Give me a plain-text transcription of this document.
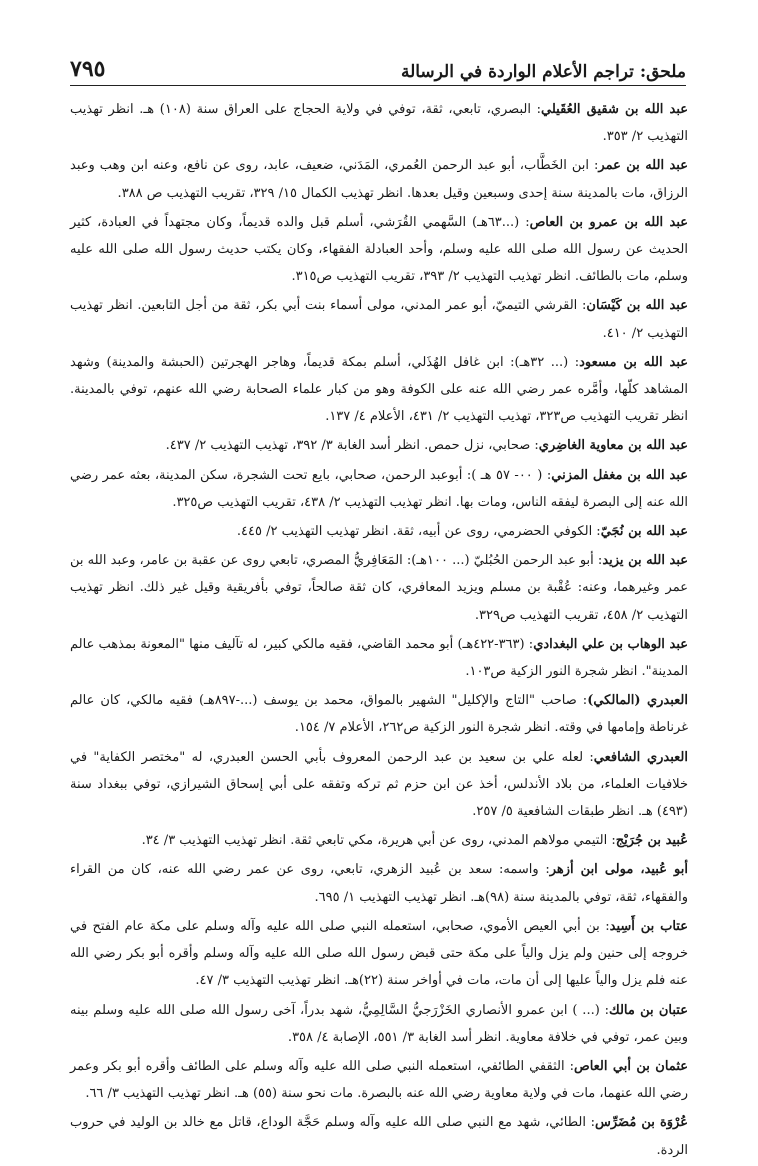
ملحق: تراجم الأعلام الواردة في الرسالة
٧٩٥

عبد الله بن شقيق العُقَيلي: البصري، تابعي، ثقة، توفي في ولاية الحجاج على العراق سنة (١٠٨) هـ. انظر تهذيب التهذيب ٢/ ٣٥٣.

عبد الله بن عمر: ابن الخَطَّاب، أبو عبد الرحمن العُمري، المَدَني، ضعيف، عابد، روى عن نافع، وعنه ابن وهب وعبد الرزاق، مات بالمدينة سنة إحدى وسبعين وقيل بعدها. انظر تهذيب الكمال ١٥/ ٣٢٩، تقريب التهذيب ص ٣٨٨.

عبد الله بن عمرو بن العاص: (...٦٣هـ) السَّهمي القُرَشي، أسلم قبل والده قديماً، وكان مجتهداً في العبادة، كثير الحديث عن رسول الله صلى الله عليه وسلم، وأحد العبادلة الفقهاء، وكان يكتب حديث رسول الله صلى الله عليه وسلم، مات بالطائف. انظر تهذيب التهذيب ٢/ ٣٩٣، تقريب التهذيب ص٣١٥.

عبد الله بن كَيْسَان: القرشي التيميّ، أبو عمر المدني، مولى أسماء بنت أبي بكر، ثقة من أجل التابعين. انظر تهذيب التهذيب ٢/ ٤١٠.

عبد الله بن مسعود: (... ٣٢هـ): ابن غافل الهُذَلي، أسلم بمكة قديماً، وهاجر الهجرتين (الحبشة والمدينة) وشهد المشاهد كلّها، وأمَّره عمر رضي الله عنه على الكوفة وهو من كبار علماء الصحابة رضي الله عنهم، توفي بالمدينة. انظر تقريب التهذيب ص٣٢٣، تهذيب التهذيب ٢/ ٤٣١، الأعلام ٤/ ١٣٧.

عبد الله بن معاوية الغاضِري: صحابي، نزل حمص. انظر أسد الغابة ٣/ ٣٩٢، تهذيب التهذيب ٢/ ٤٣٧.

عبد الله بن مغفل المزني: ( ٠٠- ٥٧ هـ ): أبوعبد الرحمن، صحابي، بايع تحت الشجرة، سكن المدينة، بعثه عمر رضي الله عنه إلى البصرة ليفقه الناس، ومات بها. انظر تهذيب التهذيب ٢/ ٤٣٨، تقريب التهذيب ص٣٢٥.

عبد الله بن نُجَيّ: الكوفي الحضرمي، روى عن أبيه، ثقة. انظر تهذيب التهذيب ٢/ ٤٤٥.

عبد الله بن يزيد: أبو عبد الرحمن الحُبُليّ (... ١٠٠هـ): المَعَافِريُّ المصري، تابعي روى عن عقبة بن عامر، وعبد الله بن عمر وغيرهما، وعنه: عُقْبة بن مسلم ويزيد المعافري، كان ثقة صالحاً، توفي بأفريقية وقيل غير ذلك. انظر تهذيب التهذيب ٢/ ٤٥٨، تقريب التهذيب ص٣٢٩.

عبد الوهاب بن علي البغدادي: (٣٦٣-٤٢٢هـ) أبو محمد القاضي، فقيه مالكي كبير، له تآليف منها "المعونة بمذهب عالم المدينة". انظر شجرة النور الزكية ص١٠٣.

العبدري (المالكي): صاحب "التاج والإكليل" الشهير بالمواق، محمد بن يوسف (...-٨٩٧هـ) فقيه مالكي، كان عالم غرناطة وإمامها في وقته. انظر شجرة النور الزكية ص٢٦٢، الأعلام ٧/ ١٥٤.

العبدري الشافعي: لعله علي بن سعيد بن عبد الرحمن المعروف بأبي الحسن العبدري، له "مختصر الكفاية" في خلافيات العلماء، من بلاد الأندلس، أخذ عن ابن حزم ثم تركه وتفقه على أبي إسحاق الشيرازي، توفي ببغداد سنة (٤٩٣) هـ. انظر طبقات الشافعية ٥/ ٢٥٧.

عُبيد بن جُرَيْج: التيمي مولاهم المدني، روى عن أبي هريرة، مكي تابعي ثقة. انظر تهذيب التهذيب ٣/ ٣٤.

أبو عُبيد، مولى ابن أزهر: واسمه: سعد بن عُبيد الزهري، تابعي، روى عن عمر رضي الله عنه، كان من القراء والفقهاء، ثقة، توفي بالمدينة سنة (٩٨)هـ. انظر تهذيب التهذيب ١/ ٦٩٥.

عتاب بن أَسِيد: بن أبي العيص الأموي، صحابي، استعمله النبي صلى الله عليه وآله وسلم على مكة عام الفتح في خروجه إلى حنين ولم يزل والياً على مكة حتى قبض رسول الله صلى الله عليه وآله وسلم وأقره أبو بكر رضي الله عنه فلم يزل والياً عليها إلى أن مات، مات في أواخر سنة (٢٢)هـ. انظر تهذيب التهذيب ٣/ ٤٧.

عتبان بن مالك: (... ) ابن عمرو الأنصاري الخَزْرَجيُّ السَّالِمِيُّ، شهد بدراً، آخى رسول الله صلى الله عليه وسلم بينه وبين عمر، توفي في خلافة معاوية. انظر أسد الغابة ٣/ ٥٥١، الإصابة ٤/ ٣٥٨.

عثمان بن أبي العاص: الثقفي الطائفي، استعمله النبي صلى الله عليه وآله وسلم على الطائف وأقره أبو بكر وعمر رضي الله عنهما، مات في ولاية معاوية رضي الله عنه بالبصرة. مات نحو سنة (٥٥) هـ. انظر تهذيب التهذيب ٣/ ٦٦.

عُرْوَة بن مُضَرِّس: الطائي، شهد مع النبي صلى الله عليه وآله وسلم حَجَّة الوداع، قاتل مع خالد بن الوليد في حروب الردة.
